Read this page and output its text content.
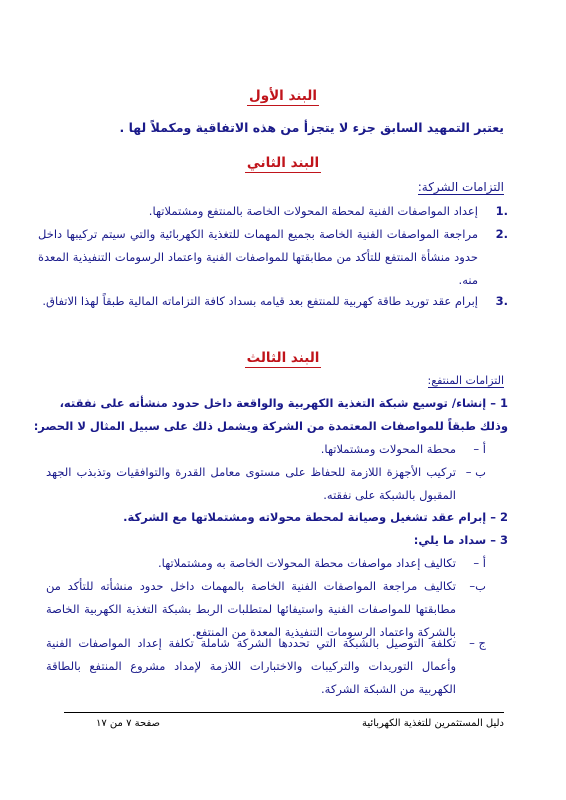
البند الأول
يعتبر التمهيد السابق جزء لا يتجزأ من هذه الاتفاقية ومكملاً لها .
البند الثاني
التزامات الشركة:
.1
إعداد المواصفات الفنية لمحطة المحولات الخاصة بالمنتفع ومشتملاتها.
.2
مراجعة المواصفات الفنية الخاصة بجميع المهمات للتغذية الكهربائية والتي سيتم تركيبها داخل حدود منشأة المنتفع للتأكد من مطابقتها للمواصفات الفنية واعتماد الرسومات التنفيذية المعدة منه.
.3
إبرام عقد توريد طاقة كهربية للمنتفع بعد قيامه بسداد كافة التزاماته المالية طبقاً لهذا الاتفاق.
البند الثالث
التزامات المنتفع:
1 – إنشاء/ توسيع شبكة التغذية الكهربية والواقعة داخل حدود منشأته على نفقته، وذلك طبقاً للمواصفات المعتمدة من الشركة ويشمل ذلك على سبيل المثال لا الحصر:
أ –
محطة المحولات ومشتملاتها.
ب –
تركيب الأجهزة اللازمة للحفاظ على مستوى معامل القدرة والتوافقيات وتذبذب الجهد المقبول بالشبكة على نفقته.
2 – إبرام عقد تشغيل وصيانة لمحطة محولاته ومشتملاتها مع الشركة.
3 – سداد ما يلي:
أ –
تكاليف إعداد مواصفات محطة المحولات الخاصة به ومشتملاتها.
ب–
تكاليف مراجعة المواصفات الفنية الخاصة بالمهمات داخل حدود منشأته للتأكد من مطابقتها للمواصفات الفنية واستيفائها لمتطلبات الربط بشبكة التغذية الكهربية الخاصة بالشركة واعتماد الرسومات التنفيذية المعدة من المنتفع.
ج –
تكلفة التوصيل بالشبكة التي تحددها الشركة شاملة تكلفة إعداد المواصفات الفنية وأعمال التوريدات والتركيبات والاختبارات اللازمة لإمداد مشروع المنتفع بالطاقة الكهربية من الشبكة الشركة.
صفحة ٧ من ١٧	دليل المستثمرين للتغذية الكهربائية
